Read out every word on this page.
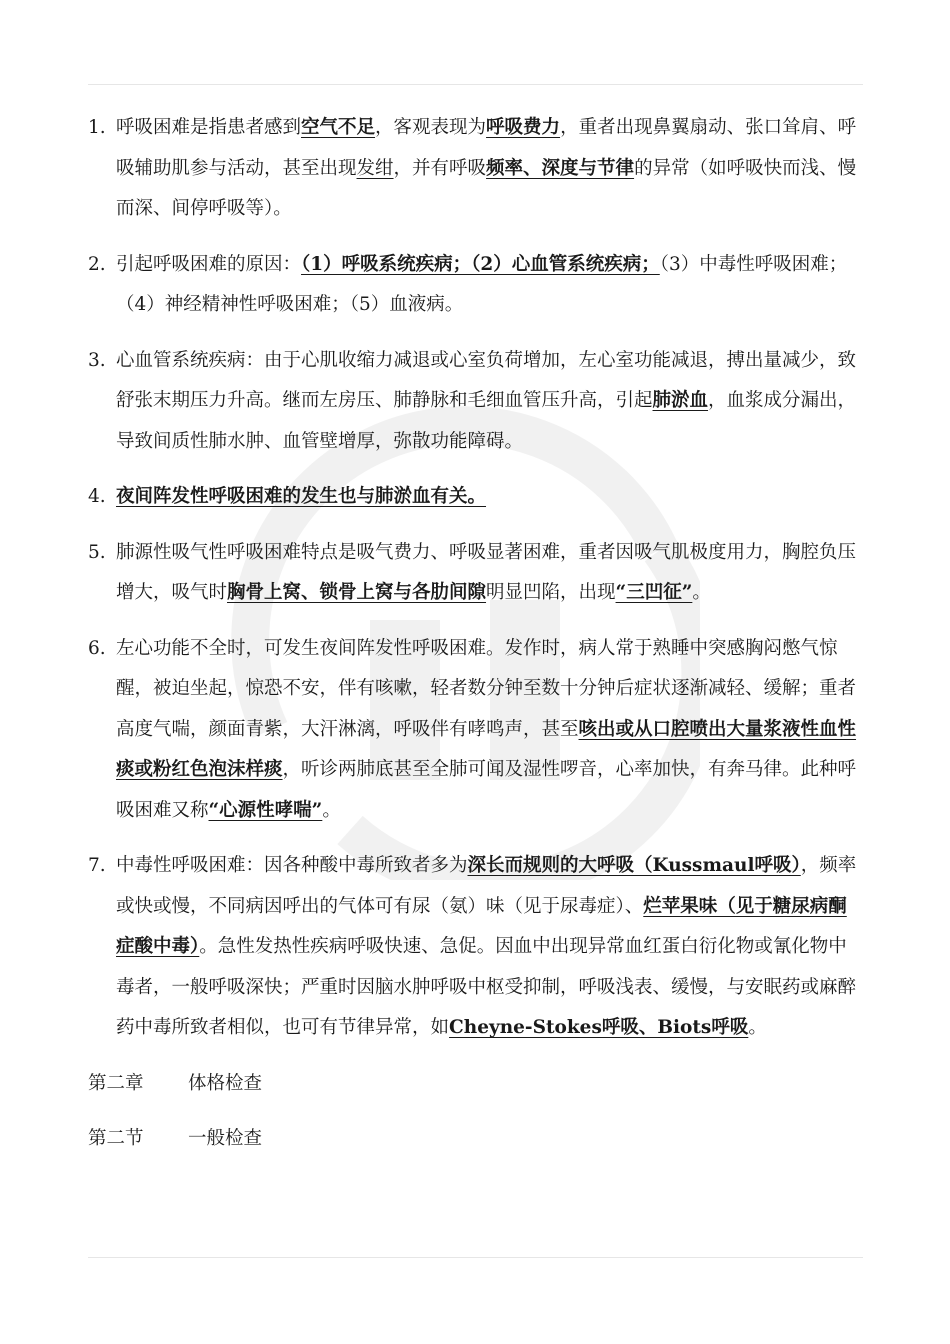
1. 呼吸困难是指患者感到空气不足，客观表现为呼吸费力，重者出现鼻翼扇动、张口耸肩、呼吸辅助肌参与活动，甚至出现发绀，并有呼吸频率、深度与节律的异常（如呼吸快而浅、慢而深、间停呼吸等）。
2. 引起呼吸困难的原因：（1）呼吸系统疾病；（2）心血管系统疾病；（3）中毒性呼吸困难；（4）神经精神性呼吸困难；（5）血液病。
3. 心血管系统疾病：由于心肌收缩力减退或心室负荷增加，左心室功能减退，搏出量减少，致舒张末期压力升高。继而左房压、肺静脉和毛细血管压升高，引起肺淤血，血浆成分漏出，导致间质性肺水肿、血管壁增厚，弥散功能障碍。
4. 夜间阵发性呼吸困难的发生也与肺淤血有关。
5. 肺源性吸气性呼吸困难特点是吸气费力、呼吸显著困难，重者因吸气肌极度用力，胸腔负压增大，吸气时胸骨上窝、锁骨上窝与各肋间隙明显凹陷，出现“三凹征”。
6. 左心功能不全时，可发生夜间阵发性呼吸困难。发作时，病人常于熟睡中突感胸闷憋气惊醒，被迫坐起，惊恐不安，伴有咳嗽，轻者数分钟至数十分钟后症状逐渐减轻、缓解；重者高度气喘，颜面青紫，大汗淋漓，呼吸伴有哮鸣声，甚至咳出或从口腔喷出大量浆液性血性痰或粉红色泡沫样痰，听诊两肺底甚至全肺可闻及湿性啰音，心率加快，有奔马律。此种呼吸困难又称“心源性哮喘”。
7. 中毒性呼吸困难：因各种酸中毒所致者多为深长而规则的大呼吸（Kussmaul呼吸），频率或快或慢，不同病因呼出的气体可有尿（氨）味（见于尿毒症）、烂苹果味（见于糖尿病酮症酸中毒）。急性发热性疾病呼吸快速、急促。因血中出现异常血红蛋白衍化物或氰化物中毒者，一般呼吸深快；严重时因脑水肿呼吸中枢受抑制，呼吸浅表、缓慢，与安眠药或麻醉药中毒所致者相似，也可有节律异常，如Cheyne-Stokes呼吸、Biots呼吸。
第二章 体格检查
第二节 一般检查
